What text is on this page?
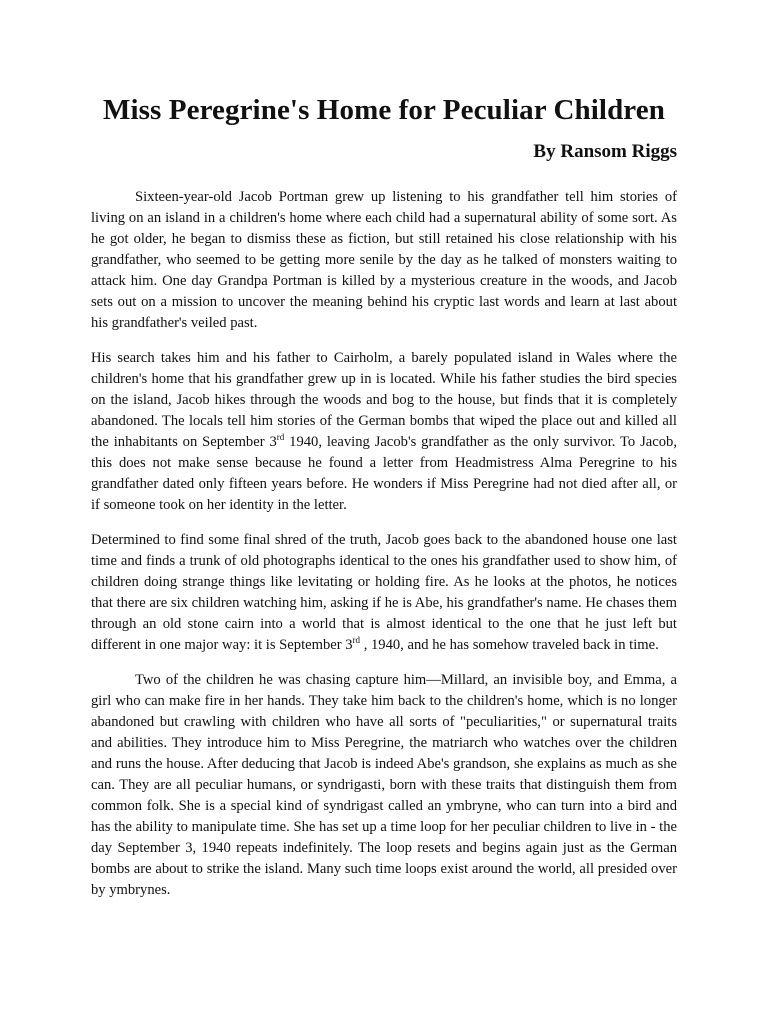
Miss Peregrine's Home for Peculiar Children
By Ransom Riggs

Sixteen-year-old Jacob Portman grew up listening to his grandfather tell him stories of living on an island in a children's home where each child had a supernatural ability of some sort. As he got older, he began to dismiss these as fiction, but still retained his close relationship with his grandfather, who seemed to be getting more senile by the day as he talked of monsters waiting to attack him. One day Grandpa Portman is killed by a mysterious creature in the woods, and Jacob sets out on a mission to uncover the meaning behind his cryptic last words and learn at last about his grandfather's veiled past.

His search takes him and his father to Cairholm, a barely populated island in Wales where the children's home that his grandfather grew up in is located. While his father studies the bird species on the island, Jacob hikes through the woods and bog to the house, but finds that it is completely abandoned. The locals tell him stories of the German bombs that wiped the place out and killed all the inhabitants on September 3rd 1940, leaving Jacob's grandfather as the only survivor. To Jacob, this does not make sense because he found a letter from Headmistress Alma Peregrine to his grandfather dated only fifteen years before. He wonders if Miss Peregrine had not died after all, or if someone took on her identity in the letter.

Determined to find some final shred of the truth, Jacob goes back to the abandoned house one last time and finds a trunk of old photographs identical to the ones his grandfather used to show him, of children doing strange things like levitating or holding fire. As he looks at the photos, he notices that there are six children watching him, asking if he is Abe, his grandfather's name. He chases them through an old stone cairn into a world that is almost identical to the one that he just left but different in one major way: it is September 3rd , 1940, and he has somehow traveled back in time.

Two of the children he was chasing capture him—Millard, an invisible boy, and Emma, a girl who can make fire in her hands. They take him back to the children's home, which is no longer abandoned but crawling with children who have all sorts of "peculiarities," or supernatural traits and abilities. They introduce him to Miss Peregrine, the matriarch who watches over the children and runs the house. After deducing that Jacob is indeed Abe's grandson, she explains as much as she can. They are all peculiar humans, or syndrigasti, born with these traits that distinguish them from common folk. She is a special kind of syndrigast called an ymbryne, who can turn into a bird and has the ability to manipulate time. She has set up a time loop for her peculiar children to live in - the day September 3, 1940 repeats indefinitely. The loop resets and begins again just as the German bombs are about to strike the island. Many such time loops exist around the world, all presided over by ymbrynes.
